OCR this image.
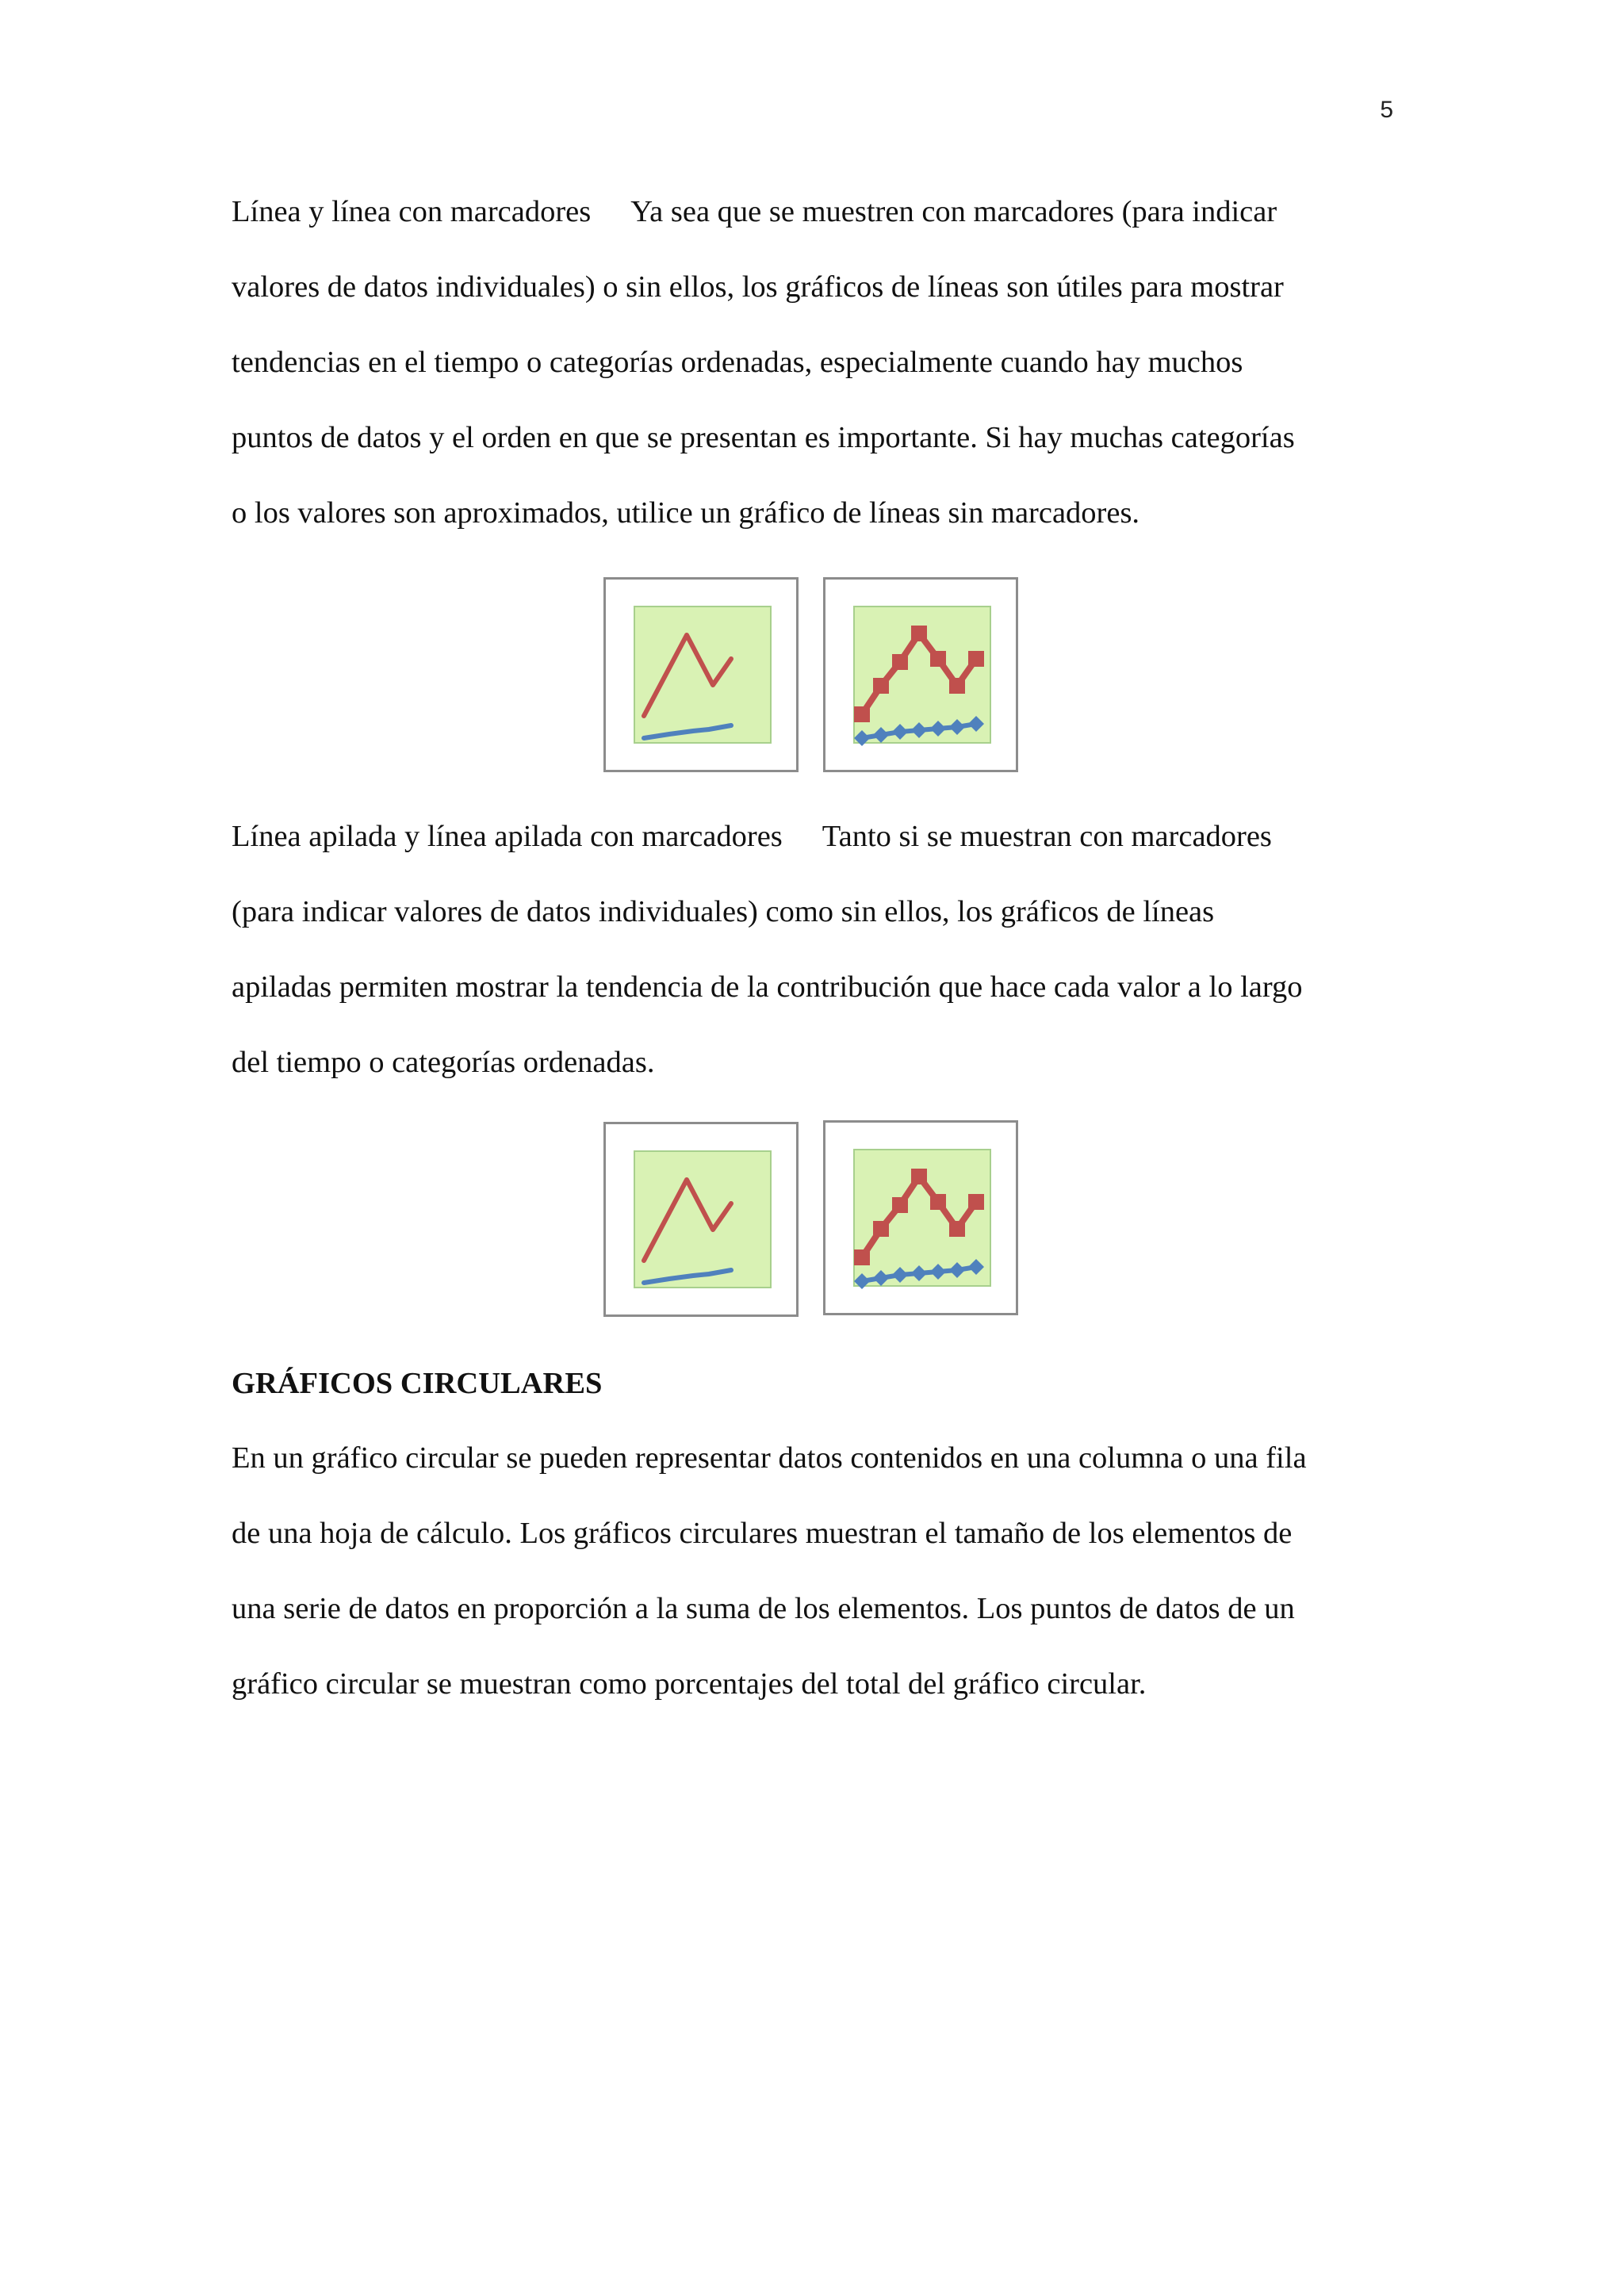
5
Línea y línea con marcadores Ya sea que se muestren con marcadores (para indicar
valores de datos individuales) o sin ellos, los gráficos de líneas son útiles para mostrar
tendencias en el tiempo o categorías ordenadas, especialmente cuando hay muchos
puntos de datos y el orden en que se presentan es importante. Si hay muchas categorías
o los valores son aproximados, utilice un gráfico de líneas sin marcadores.
Línea apilada y línea apilada con marcadores Tanto si se muestran con marcadores
(para indicar valores de datos individuales) como sin ellos, los gráficos de líneas
apiladas permiten mostrar la tendencia de la contribución que hace cada valor a lo largo
del tiempo o categorías ordenadas.
GRÁFICOS CIRCULARES
En un gráfico circular se pueden representar datos contenidos en una columna o una fila
de una hoja de cálculo. Los gráficos circulares muestran el tamaño de los elementos de
una serie de datos en proporción a la suma de los elementos. Los puntos de datos de un
gráfico circular se muestran como porcentajes del total del gráfico circular.
